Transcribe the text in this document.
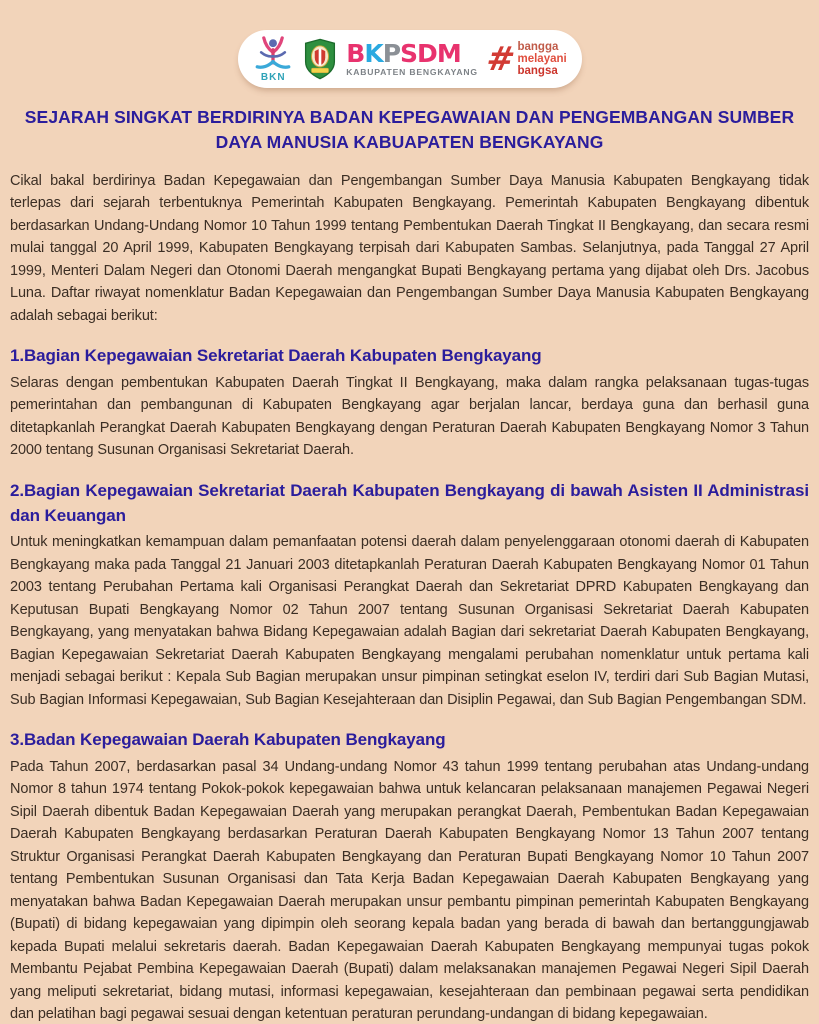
BKN
BKPSDM
KABUPATEN BENGKAYANG # bangga
melayani
bangsa
SEJARAH SINGKAT BERDIRINYA BADAN KEPEGAWAIAN DAN PENGEMBANGAN SUMBER DAYA MANUSIA KABUAPATEN BENGKAYANG

Cikal bakal berdirinya Badan Kepegawaian dan Pengembangan Sumber Daya Manusia Kabupaten Bengkayang tidak terlepas dari sejarah terbentuknya Pemerintah Kabupaten Bengkayang. Pemerintah Kabupaten Bengkayang dibentuk berdasarkan Undang-Undang Nomor 10 Tahun 1999 tentang Pembentukan Daerah Tingkat II Bengkayang, dan secara resmi mulai tanggal 20 April 1999, Kabupaten Bengkayang terpisah dari Kabupaten Sambas. Selanjutnya, pada Tanggal 27 April 1999, Menteri Dalam Negeri dan Otonomi Daerah mengangkat Bupati Bengkayang pertama yang dijabat oleh Drs. Jacobus Luna. Daftar riwayat nomenklatur Badan Kepegawaian dan Pengembangan Sumber Daya Manusia Kabupaten Bengkayang adalah sebagai berikut:

1.Bagian Kepegawaian Sekretariat Daerah Kabupaten Bengkayang

Selaras dengan pembentukan Kabupaten Daerah Tingkat II Bengkayang, maka dalam rangka pelaksanaan tugas-tugas pemerintahan dan pembangunan di Kabupaten Bengkayang agar berjalan lancar, berdaya guna dan berhasil guna ditetapkanlah Perangkat Daerah Kabupaten Bengkayang dengan Peraturan Daerah Kabupaten Bengkayang Nomor 3 Tahun 2000 tentang Susunan Organisasi Sekretariat Daerah.

2.Bagian Kepegawaian Sekretariat Daerah Kabupaten Bengkayang di bawah Asisten II Administrasi dan Keuangan

Untuk meningkatkan kemampuan dalam pemanfaatan potensi daerah dalam penyelenggaraan otonomi daerah di Kabupaten Bengkayang maka pada Tanggal 21 Januari 2003 ditetapkanlah Peraturan Daerah Kabupaten Bengkayang Nomor 01 Tahun 2003 tentang Perubahan Pertama kali Organisasi Perangkat Daerah dan Sekretariat DPRD Kabupaten Bengkayang dan Keputusan Bupati Bengkayang Nomor 02 Tahun 2007 tentang Susunan Organisasi Sekretariat Daerah Kabupaten Bengkayang, yang menyatakan bahwa Bidang Kepegawaian adalah Bagian dari sekretariat Daerah Kabupaten Bengkayang, Bagian Kepegawaian Sekretariat Daerah Kabupaten Bengkayang mengalami perubahan nomenklatur untuk pertama kali menjadi sebagai berikut : Kepala Sub Bagian merupakan unsur pimpinan setingkat eselon IV, terdiri dari Sub Bagian Mutasi, Sub Bagian Informasi Kepegawaian, Sub Bagian Kesejahteraan dan Disiplin Pegawai, dan Sub Bagian Pengembangan SDM.

3.Badan Kepegawaian Daerah Kabupaten Bengkayang

Pada Tahun 2007, berdasarkan pasal 34 Undang-undang Nomor 43 tahun 1999 tentang perubahan atas Undang-undang Nomor 8 tahun 1974 tentang Pokok-pokok kepegawaian bahwa untuk kelancaran pelaksanaan manajemen Pegawai Negeri Sipil Daerah dibentuk Badan Kepegawaian Daerah yang merupakan perangkat Daerah, Pembentukan Badan Kepegawaian Daerah Kabupaten Bengkayang berdasarkan Peraturan Daerah Kabupaten Bengkayang Nomor 13 Tahun 2007 tentang Struktur Organisasi Perangkat Daerah Kabupaten Bengkayang dan Peraturan Bupati Bengkayang Nomor 10 Tahun 2007 tentang Pembentukan Susunan Organisasi dan Tata Kerja Badan Kepegawaian Daerah Kabupaten Bengkayang yang menyatakan bahwa Badan Kepegawaian Daerah merupakan unsur pembantu pimpinan pemerintah Kabupaten Bengkayang (Bupati) di bidang kepegawaian yang dipimpin oleh seorang kepala badan yang berada di bawah dan bertanggungjawab kepada Bupati melalui sekretaris daerah. Badan Kepegawaian Daerah Kabupaten Bengkayang mempunyai tugas pokok Membantu Pejabat Pembina Kepegawaian Daerah (Bupati) dalam melaksanakan manajemen Pegawai Negeri Sipil Daerah yang meliputi sekretariat, bidang mutasi, informasi kepegawaian, kesejahteraan dan pembinaan pegawai serta pendidikan dan pelatihan bagi pegawai sesuai dengan ketentuan peraturan perundang-undangan di bidang kepegawaian.
